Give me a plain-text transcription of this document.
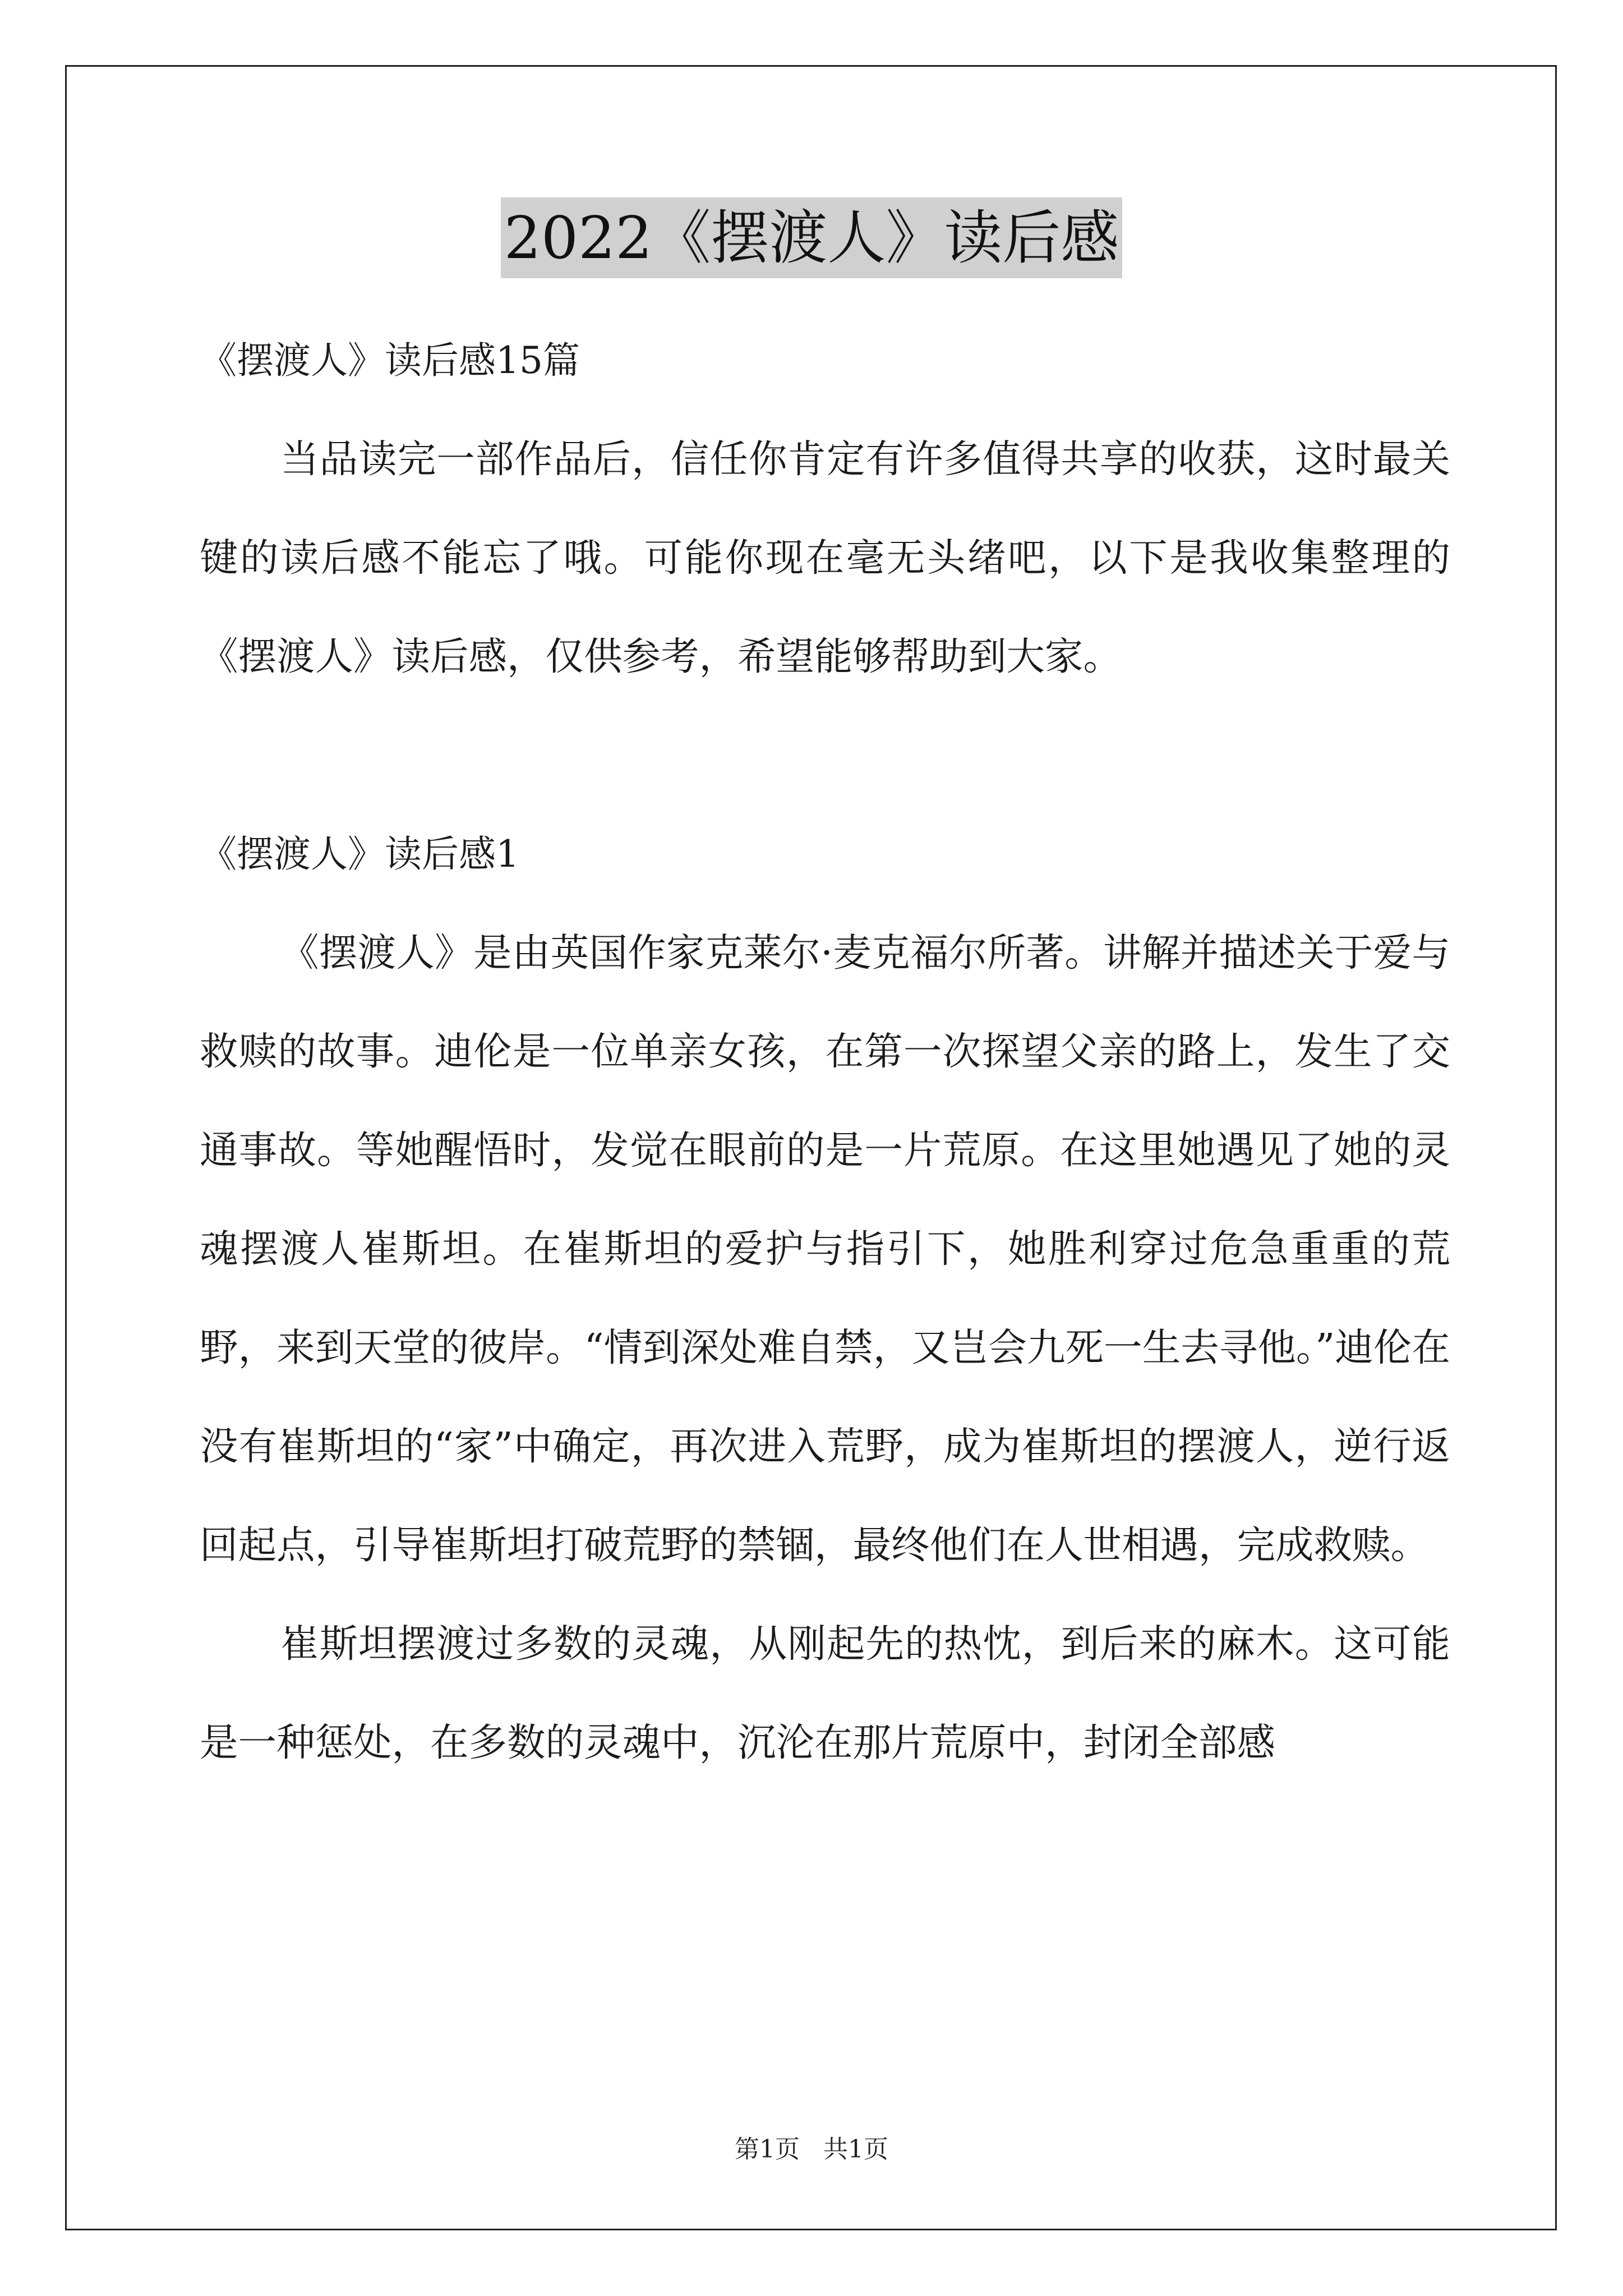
2022《摆渡人》读后感

《摆渡人》读后感15篇

当品读完一部作品后，信任你肯定有许多值得共享的收获，这时最关键的读后感不能忘了哦。可能你现在毫无头绪吧，以下是我收集整理的《摆渡人》读后感，仅供参考，希望能够帮助到大家。

《摆渡人》读后感1

《摆渡人》是由英国作家克莱尔·麦克福尔所著。讲解并描述关于爱与救赎的故事。迪伦是一位单亲女孩，在第一次探望父亲的路上，发生了交通事故。等她醒悟时，发觉在眼前的是一片荒原。在这里她遇见了她的灵魂摆渡人崔斯坦。在崔斯坦的爱护与指引下，她胜利穿过危急重重的荒野，来到天堂的彼岸。“情到深处难自禁，又岂会九死一生去寻他。”迪伦在没有崔斯坦的“家”中确定，再次进入荒野，成为崔斯坦的摆渡人，逆行返回起点，引导崔斯坦打破荒野的禁锢，最终他们在人世相遇，完成救赎。

崔斯坦摆渡过多数的灵魂，从刚起先的热忱，到后来的麻木。这可能是一种惩处，在多数的灵魂中，沉沦在那片荒原中，封闭全部感

第1页   共1页
